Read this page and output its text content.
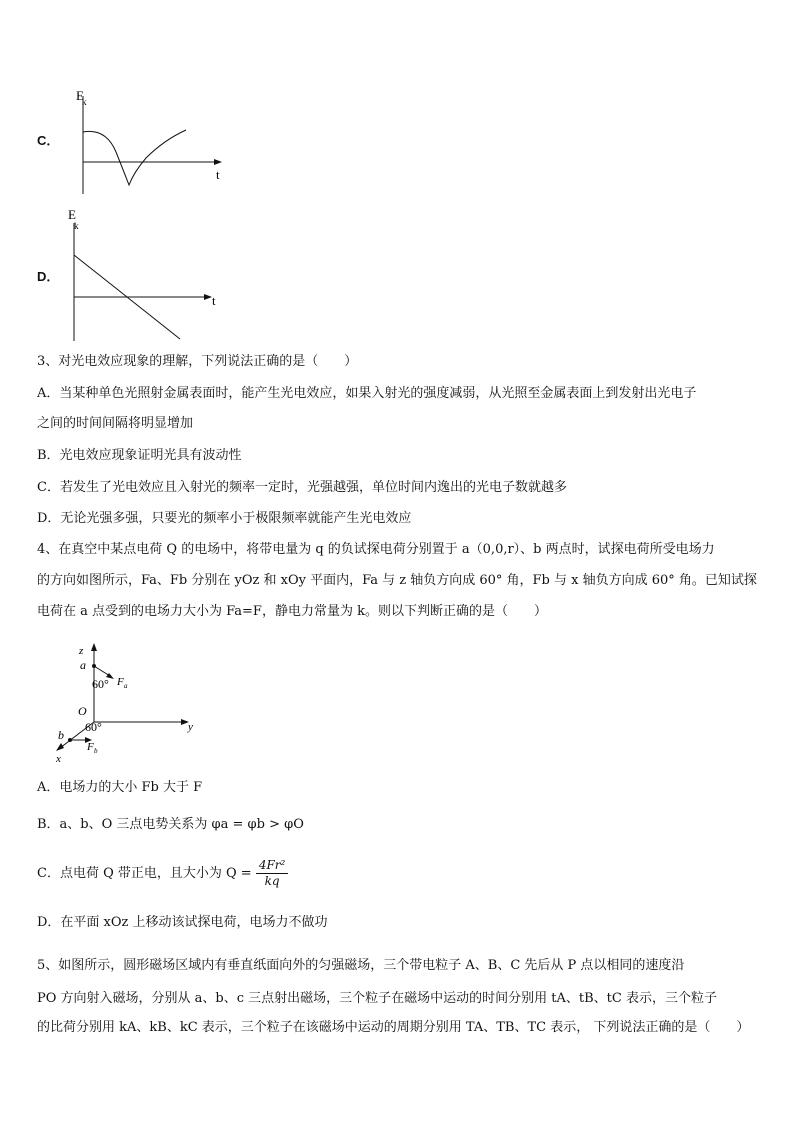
C．
E
k
t
D．
E
k
t
3、对光电效应现象的理解，下列说法正确的是（　　）
A．当某种单色光照射金属表面时，能产生光电效应，如果入射光的强度减弱，从光照至金属表面上到发射出光电子
之间的时间间隔将明显增加
B．光电效应现象证明光具有波动性
C．若发生了光电效应且入射光的频率一定时，光强越强，单位时间内逸出的光电子数就越多
D．无论光强多强，只要光的频率小于极限频率就能产生光电效应
4、在真空中某点电荷 Q 的电场中，将带电量为 q 的负试探电荷分别置于 a（0,0,r）、b 两点时，试探电荷所受电场力
的方向如图所示，Fa、Fb 分别在 yOz 和 xOy 平面内，Fa 与 z 轴负方向成 60° 角，Fb 与 x 轴负方向成 60° 角。已知试探
电荷在 a 点受到的电场力大小为 Fa=F，静电力常量为 k。则以下判断正确的是（　　）
z
y
x
O
a
60° F a
b
60°
F b
A．电场力的大小 Fb 大于 F
B．a、b、O 三点电势关系为 φa = φb > φO
C．点电荷 Q 带正电，且大小为 $Q = \frac{\text{4Fr²}}{kq}$
D．在平面 xOz 上移动该试探电荷，电场力不做功
5、如图所示，圆形磁场区域内有垂直纸面向外的匀强磁场，三个带电粒子 A、B、C 先后从 P 点以相同的速度沿
PO 方向射入磁场，分别从 a、b、c 三点射出磁场，三个粒子在磁场中运动的时间分别用 tA、tB、tC 表示，三个粒子
的比荷分别用 kA、kB、kC 表示，三个粒子在该磁场中运动的周期分别用 TA、TB、TC 表示， 下列说法正确的是（　　）
